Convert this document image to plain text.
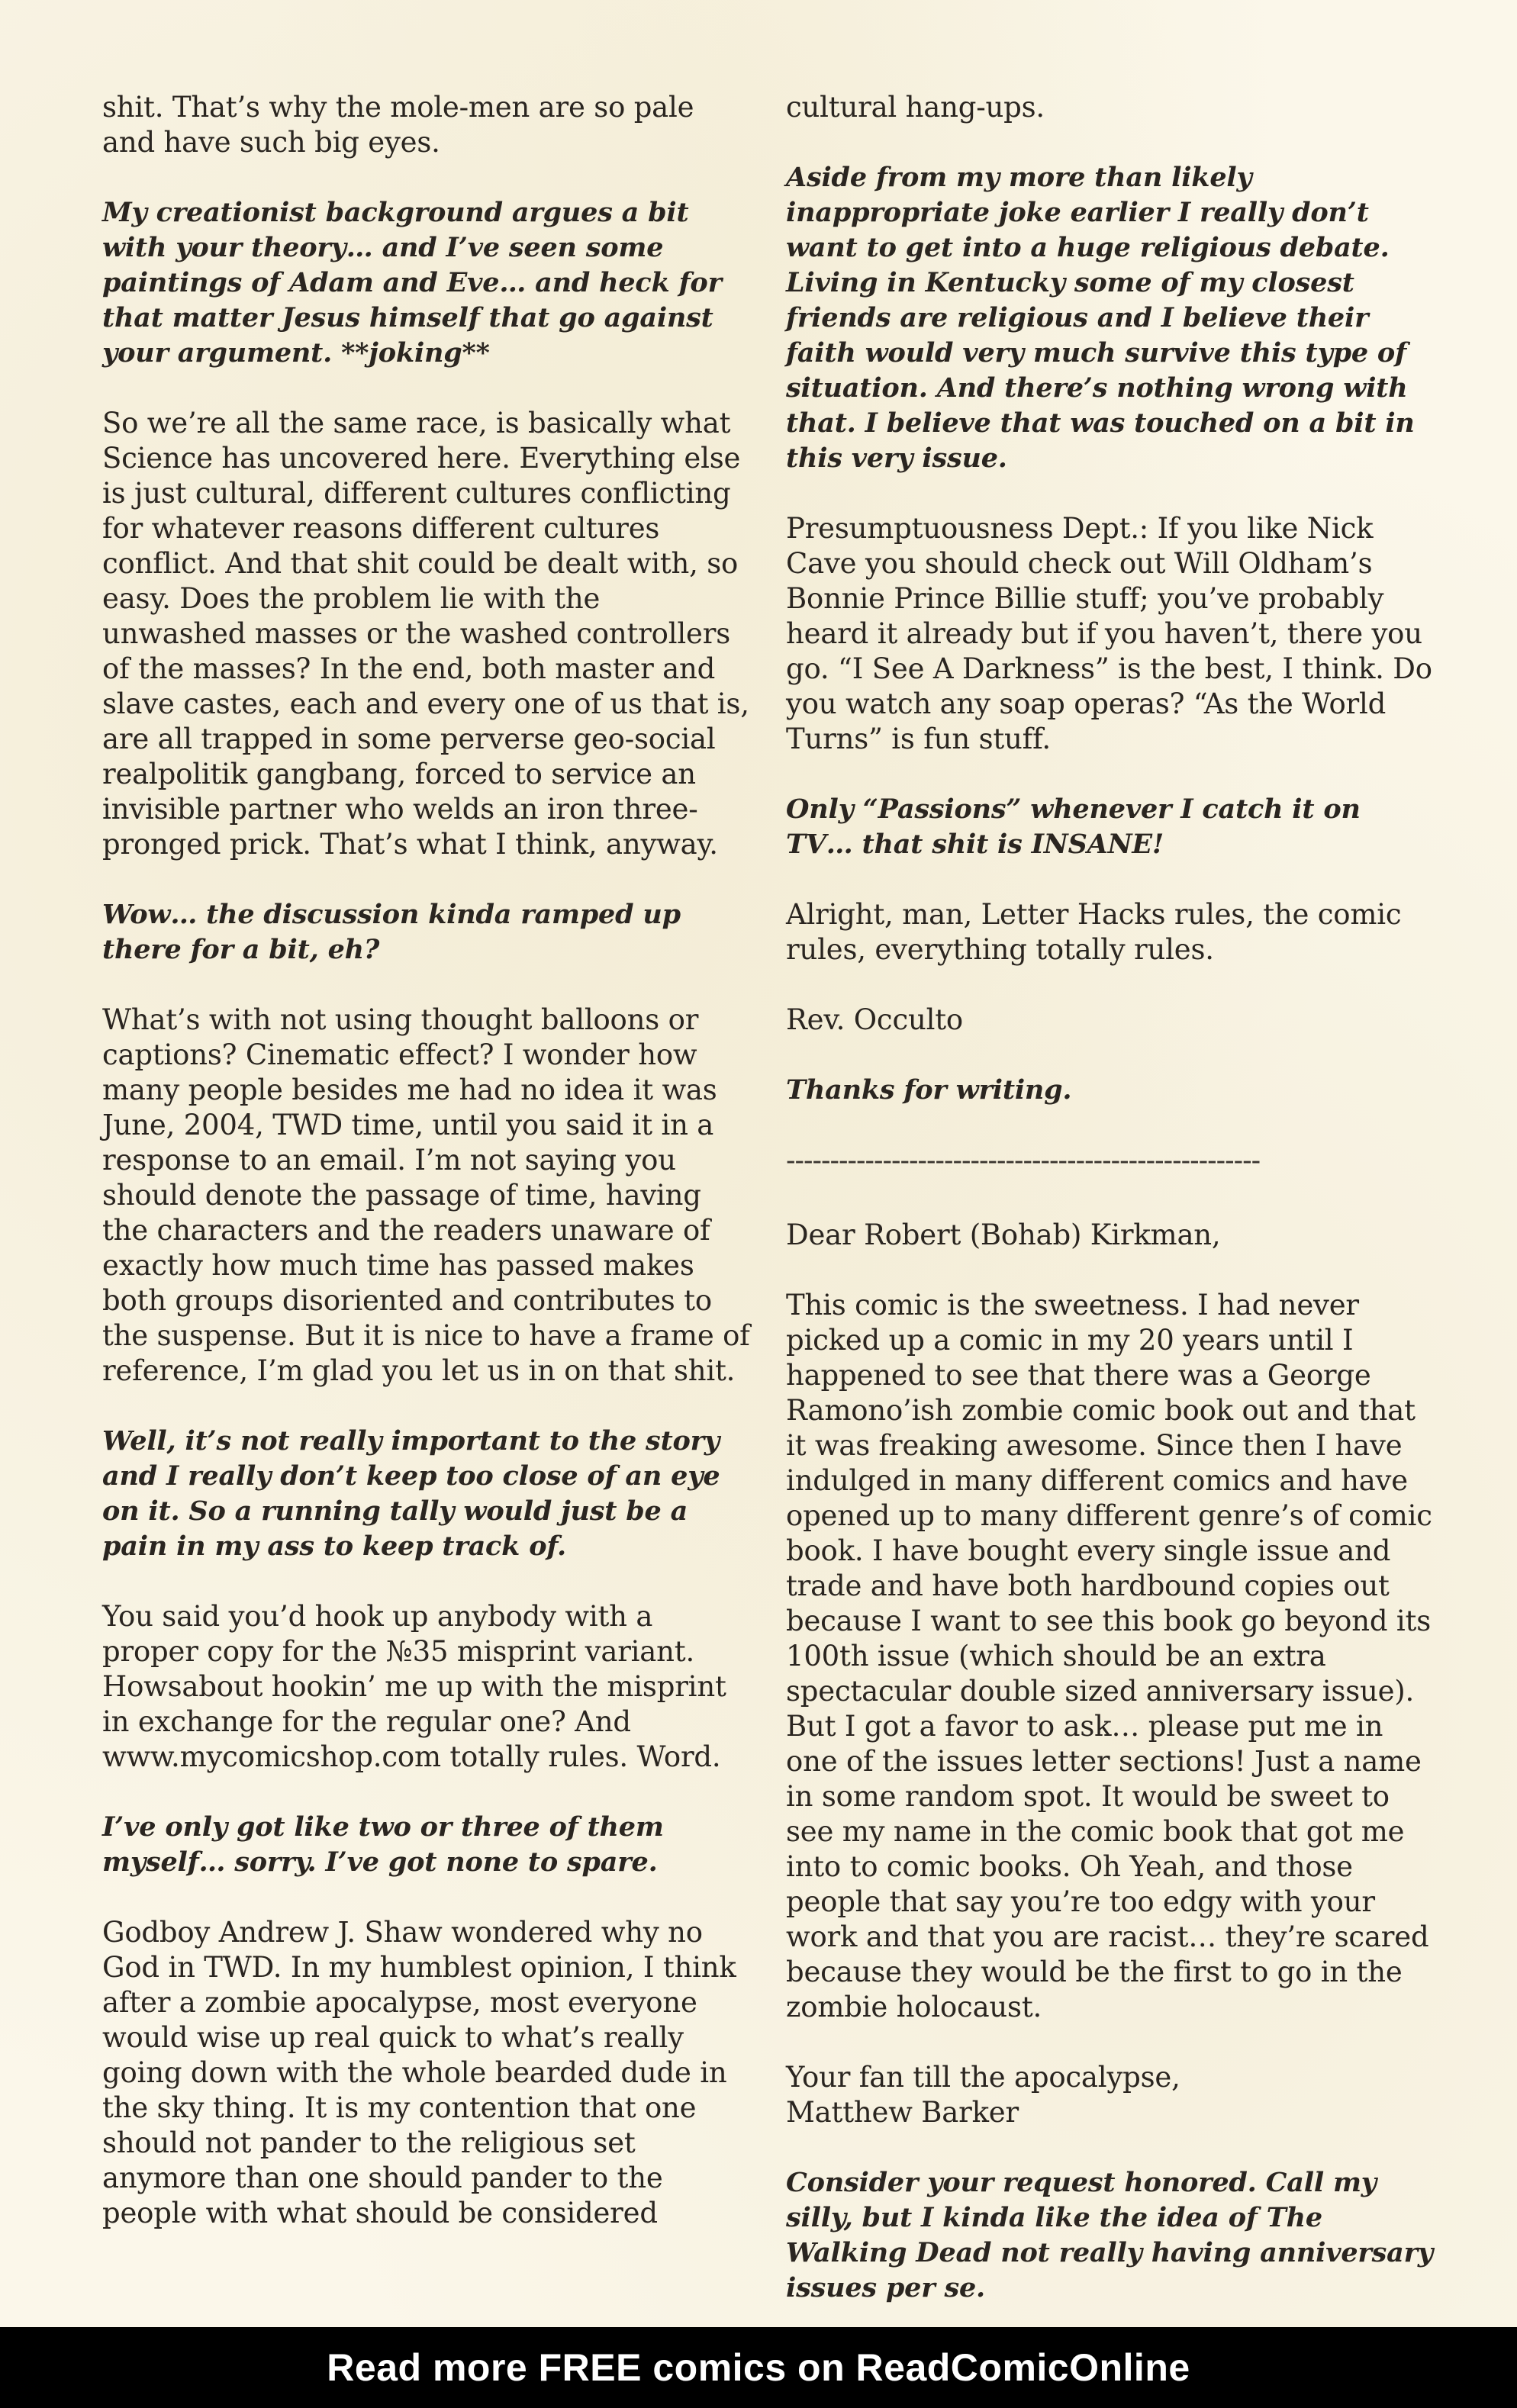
shit. That’s why the mole-men are so pale and have such big eyes.

My creationist background argues a bit with your theory… and I’ve seen some paintings of Adam and Eve… and heck for that matter Jesus himself that go against your argument. **joking**

So we’re all the same race, is basically what Science has uncovered here. Everything else is just cultural, different cultures conflicting for whatever reasons different cultures conflict. And that shit could be dealt with, so easy. Does the problem lie with the unwashed masses or the washed controllers of the masses? In the end, both master and slave castes, each and every one of us that is, are all trapped in some perverse geo-social realpolitik gangbang, forced to service an invisible partner who welds an iron three-pronged prick. That’s what I think, anyway.

Wow… the discussion kinda ramped up there for a bit, eh?

What’s with not using thought balloons or captions? Cinematic effect? I wonder how many people besides me had no idea it was June, 2004, TWD time, until you said it in a response to an email. I’m not saying you should denote the passage of time, having the characters and the readers unaware of exactly how much time has passed makes both groups disoriented and contributes to the suspense. But it is nice to have a frame of reference, I’m glad you let us in on that shit.

Well, it’s not really important to the story and I really don’t keep too close of an eye on it. So a running tally would just be a pain in my ass to keep track of.

You said you’d hook up anybody with a proper copy for the №35 misprint variant. Howsabout hookin’ me up with the misprint in exchange for the regular one? And www.mycomicshop.com totally rules. Word.

I’ve only got like two or three of them myself… sorry. I’ve got none to spare.

Godboy Andrew J. Shaw wondered why no God in TWD. In my humblest opinion, I think after a zombie apocalypse, most everyone would wise up real quick to what’s really going down with the whole bearded dude in the sky thing. It is my contention that one should not pander to the religious set anymore than one should pander to the people with what should be considered

cultural hang-ups.

Aside from my more than likely inappropriate joke earlier I really don’t want to get into a huge religious debate. Living in Kentucky some of my closest friends are religious and I believe their faith would very much survive this type of situation. And there’s nothing wrong with that. I believe that was touched on a bit in this very issue.

Presumptuousness Dept.: If you like Nick Cave you should check out Will Oldham’s Bonnie Prince Billie stuff; you’ve probably heard it already but if you haven’t, there you go. “I See A Darkness” is the best, I think. Do you watch any soap operas? “As the World Turns” is fun stuff.

Only “Passions” whenever I catch it on TV… that shit is INSANE!

Alright, man, Letter Hacks rules, the comic rules, everything totally rules.

Rev. Occulto

Thanks for writing.

------------------------------------------------------

Dear Robert (Bohab) Kirkman,

This comic is the sweetness. I had never picked up a comic in my 20 years until I happened to see that there was a George Ramono’ish zombie comic book out and that it was freaking awesome. Since then I have indulged in many different comics and have opened up to many different genre’s of comic book. I have bought every single issue and trade and have both hardbound copies out because I want to see this book go beyond its 100th issue (which should be an extra spectacular double sized anniversary issue). But I got a favor to ask… please put me in one of the issues letter sections! Just a name in some random spot. It would be sweet to see my name in the comic book that got me into to comic books. Oh Yeah, and those people that say you’re too edgy with your work and that you are racist… they’re scared because they would be the first to go in the zombie holocaust.

Your fan till the apocalypse,

Matthew Barker

Consider your request honored. Call my silly, but I kinda like the idea of The Walking Dead not really having anniversary issues per se.

Read more FREE comics on ReadComicOnline
